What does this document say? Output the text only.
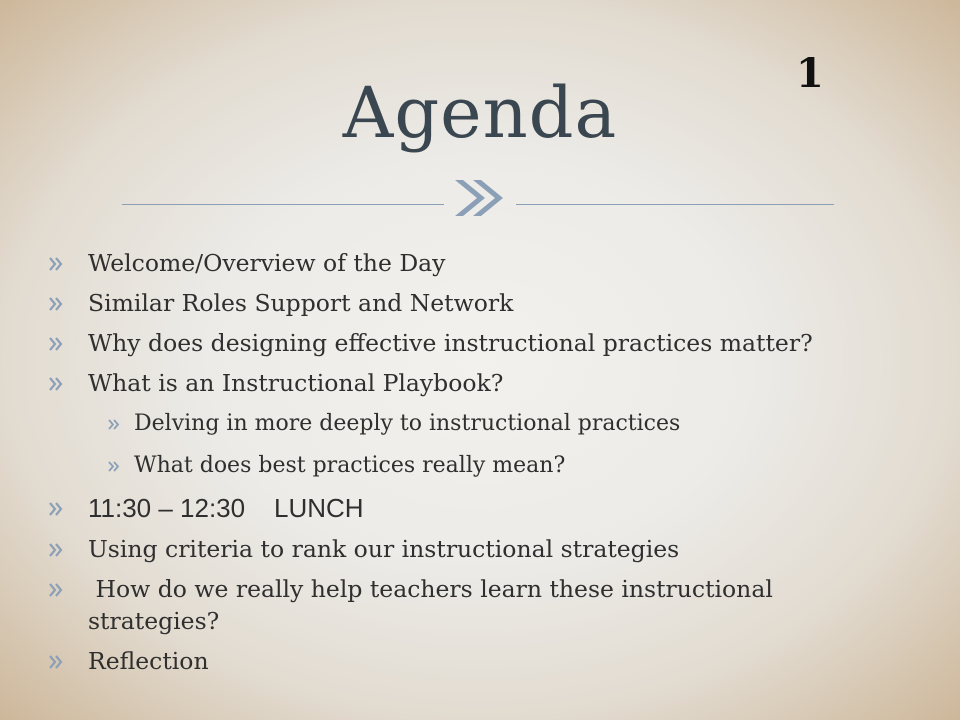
Agenda	1
Welcome/Overview of the Day
Similar Roles Support and Network
Why does designing effective instructional practices matter?
What is an Instructional Playbook?
Delving in more deeply to instructional practices
What does best practices really mean?
11:30 – 12:30    LUNCH
Using criteria to rank our instructional strategies
How do we really help teachers learn these instructional strategies?
Reflection
